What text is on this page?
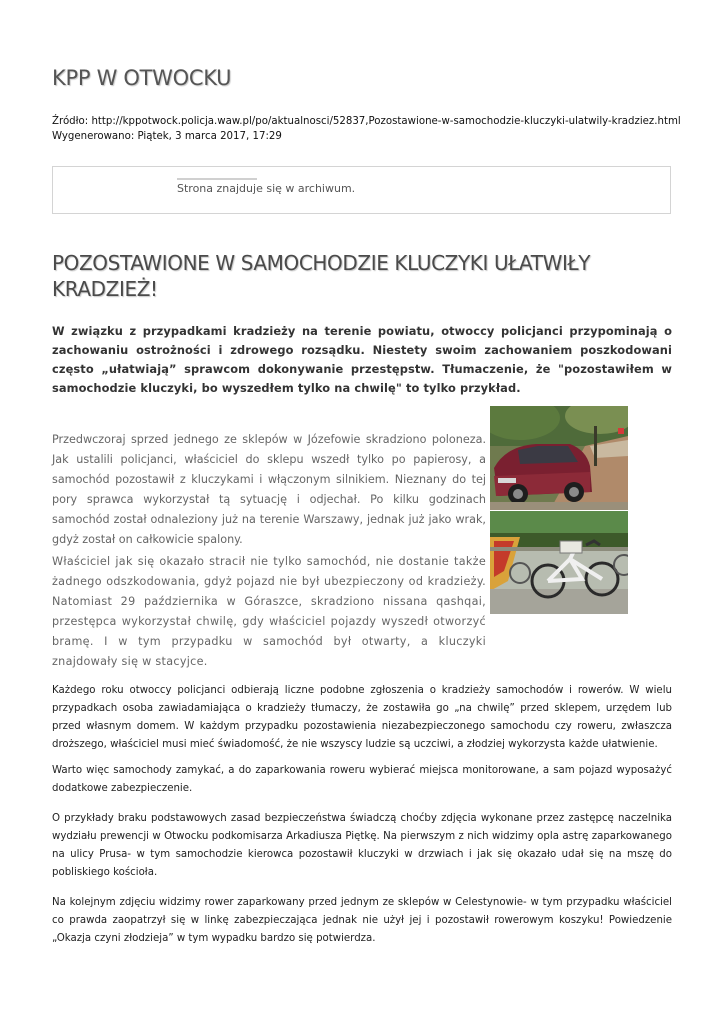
KPP W OTWOCKU
Źródło: http://kppotwock.policja.waw.pl/po/aktualnosci/52837,Pozostawione-w-samochodzie-kluczyki-ulatwily-kradziez.html
Wygenerowano: Piątek, 3 marca 2017, 17:29
Strona znajduje się w archiwum.
POZOSTAWIONE W SAMOCHODZIE KLUCZYKI UŁATWIŁY KRADZIEŻ!

W związku z przypadkami kradzieży na terenie powiatu, otwoccy policjanci przypominają o zachowaniu ostrożności i zdrowego rozsądku. Niestety swoim zachowaniem poszkodowani często „ułatwiają” sprawcom dokonywanie przestępstw. Tłumaczenie, że "pozostawiłem w samochodzie kluczyki, bo wyszedłem tylko na chwilę" to tylko przykład.

Przedwczoraj sprzed jednego ze sklepów w Józefowie skradziono poloneza. Jak ustalili policjanci, właściciel do sklepu wszedł tylko po papierosy, a samochód pozostawił z kluczykami i włączonym silnikiem. Nieznany do tej pory sprawca wykorzystał tą sytuację i odjechał. Po kilku godzinach samochód został odnaleziony już na terenie Warszawy, jednak już jako wrak, gdyż został on całkowicie spalony.

Właściciel jak się okazało stracił nie tylko samochód, nie dostanie także żadnego odszkodowania, gdyż pojazd nie był ubezpieczony od kradzieży. Natomiast 29 października w Góraszce, skradziono nissana qashqai, przestępca wykorzystał chwilę, gdy właściciel pojazdy wyszedł otworzyć bramę. I w tym przypadku w samochód był otwarty, a kluczyki znajdowały się w stacyjce.

Każdego roku otwoccy policjanci odbierają liczne podobne zgłoszenia o kradzieży samochodów i rowerów. W wielu przypadkach osoba zawiadamiająca o kradzieży tłumaczy, że zostawiła go „na chwilę” przed sklepem, urzędem lub przed własnym domem. W każdym przypadku pozostawienia niezabezpieczonego samochodu czy roweru, zwłaszcza droższego, właściciel musi mieć świadomość, że nie wszyscy ludzie są uczciwi, a złodziej wykorzysta każde ułatwienie.

Warto więc samochody zamykać, a do zaparkowania roweru wybierać miejsca monitorowane, a sam pojazd wyposażyć dodatkowe zabezpieczenie.

O przykłady braku podstawowych zasad bezpieczeństwa świadczą choćby zdjęcia wykonane przez zastępcę naczelnika wydziału prewencji w Otwocku podkomisarza Arkadiusza Piętkę. Na pierwszym z nich widzimy opla astrę zaparkowanego na ulicy Prusa- w tym samochodzie kierowca pozostawił kluczyki w drzwiach i jak się okazało udał się na mszę do pobliskiego kościoła.

Na kolejnym zdjęciu widzimy rower zaparkowany przed jednym ze sklepów w Celestynowie- w tym przypadku właściciel co prawda zaopatrzył się w linkę zabezpieczająca jednak nie użył jej i pozostawił rowerowym koszyku! Powiedzenie „Okazja czyni złodzieja” w tym wypadku bardzo się potwierdza.
